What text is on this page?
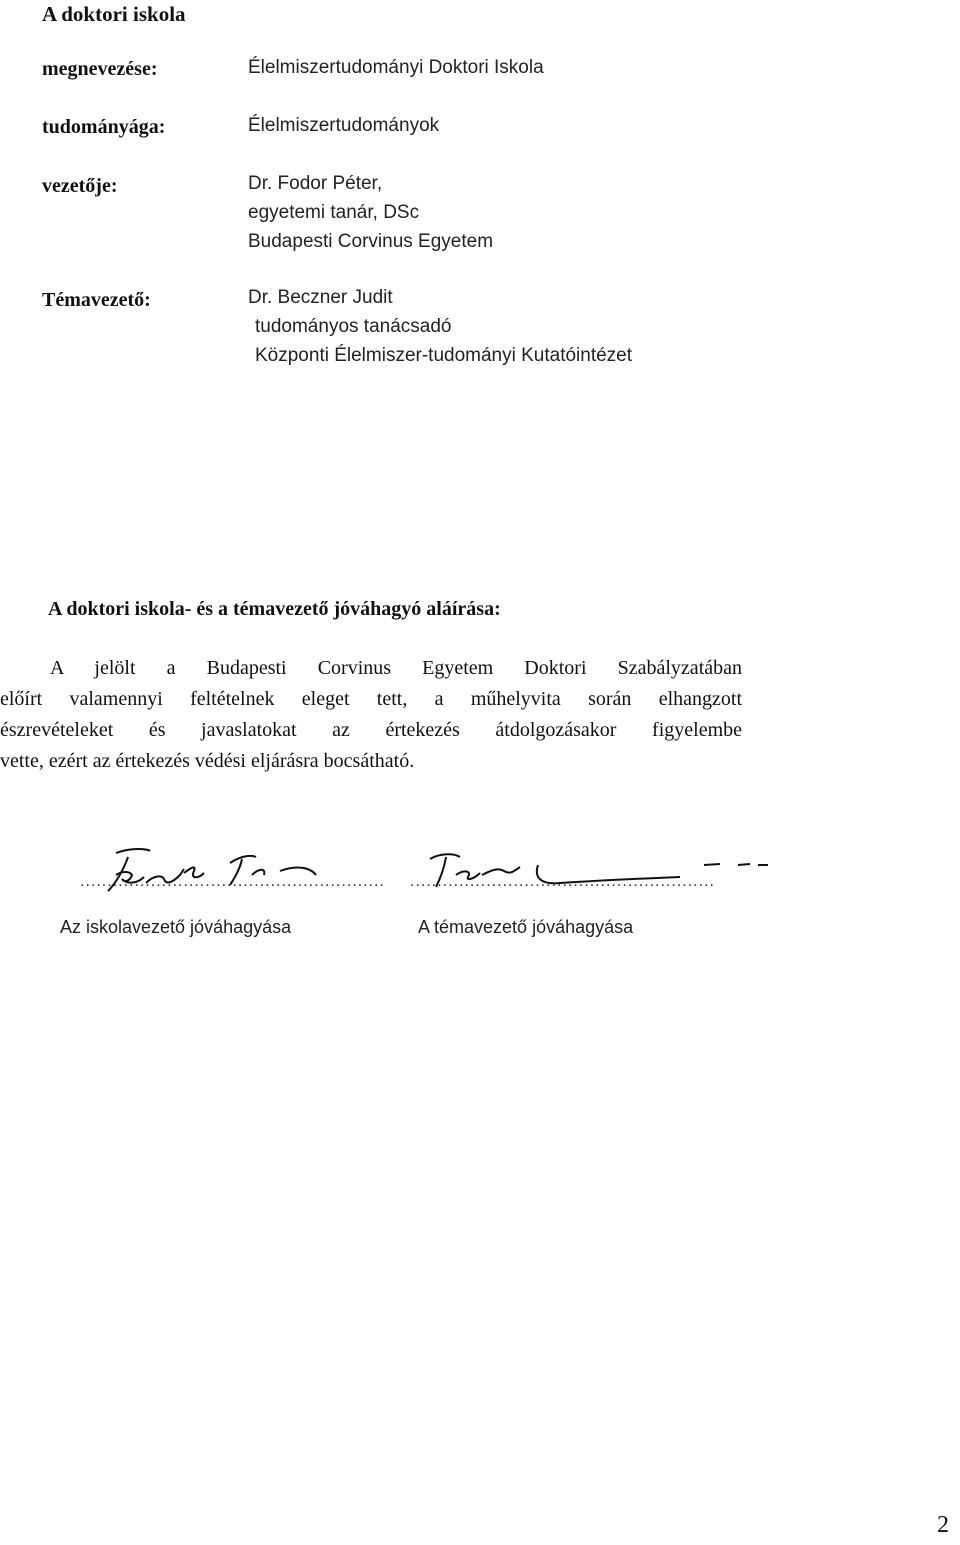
A doktori iskola
megnevezése:	Élelmiszertudományi Doktori Iskola
tudományága:	Élelmiszertudományok
vezetője:	Dr. Fodor Péter,
egyetemi tanár, DSc
Budapesti Corvinus Egyetem
Témavezető:	Dr. Beczner Judit
tudományos tanácsadó
Központi Élelmiszer-tudományi Kutatóintézet
A doktori iskola- és a témavezető jóváhagyó aláírása:
A jelölt a Budapesti Corvinus Egyetem Doktori Szabályzatában
előírt valamennyi feltételnek eleget tett, a műhelyvita során elhangzott
észrevételeket és javaslatokat az értekezés átdolgozásakor figyelembe
vette, ezért az értekezés védési eljárásra bocsátható.
........................................................
Az iskolavezető jóváhagyása
........................................................
A témavezető jóváhagyása
2
